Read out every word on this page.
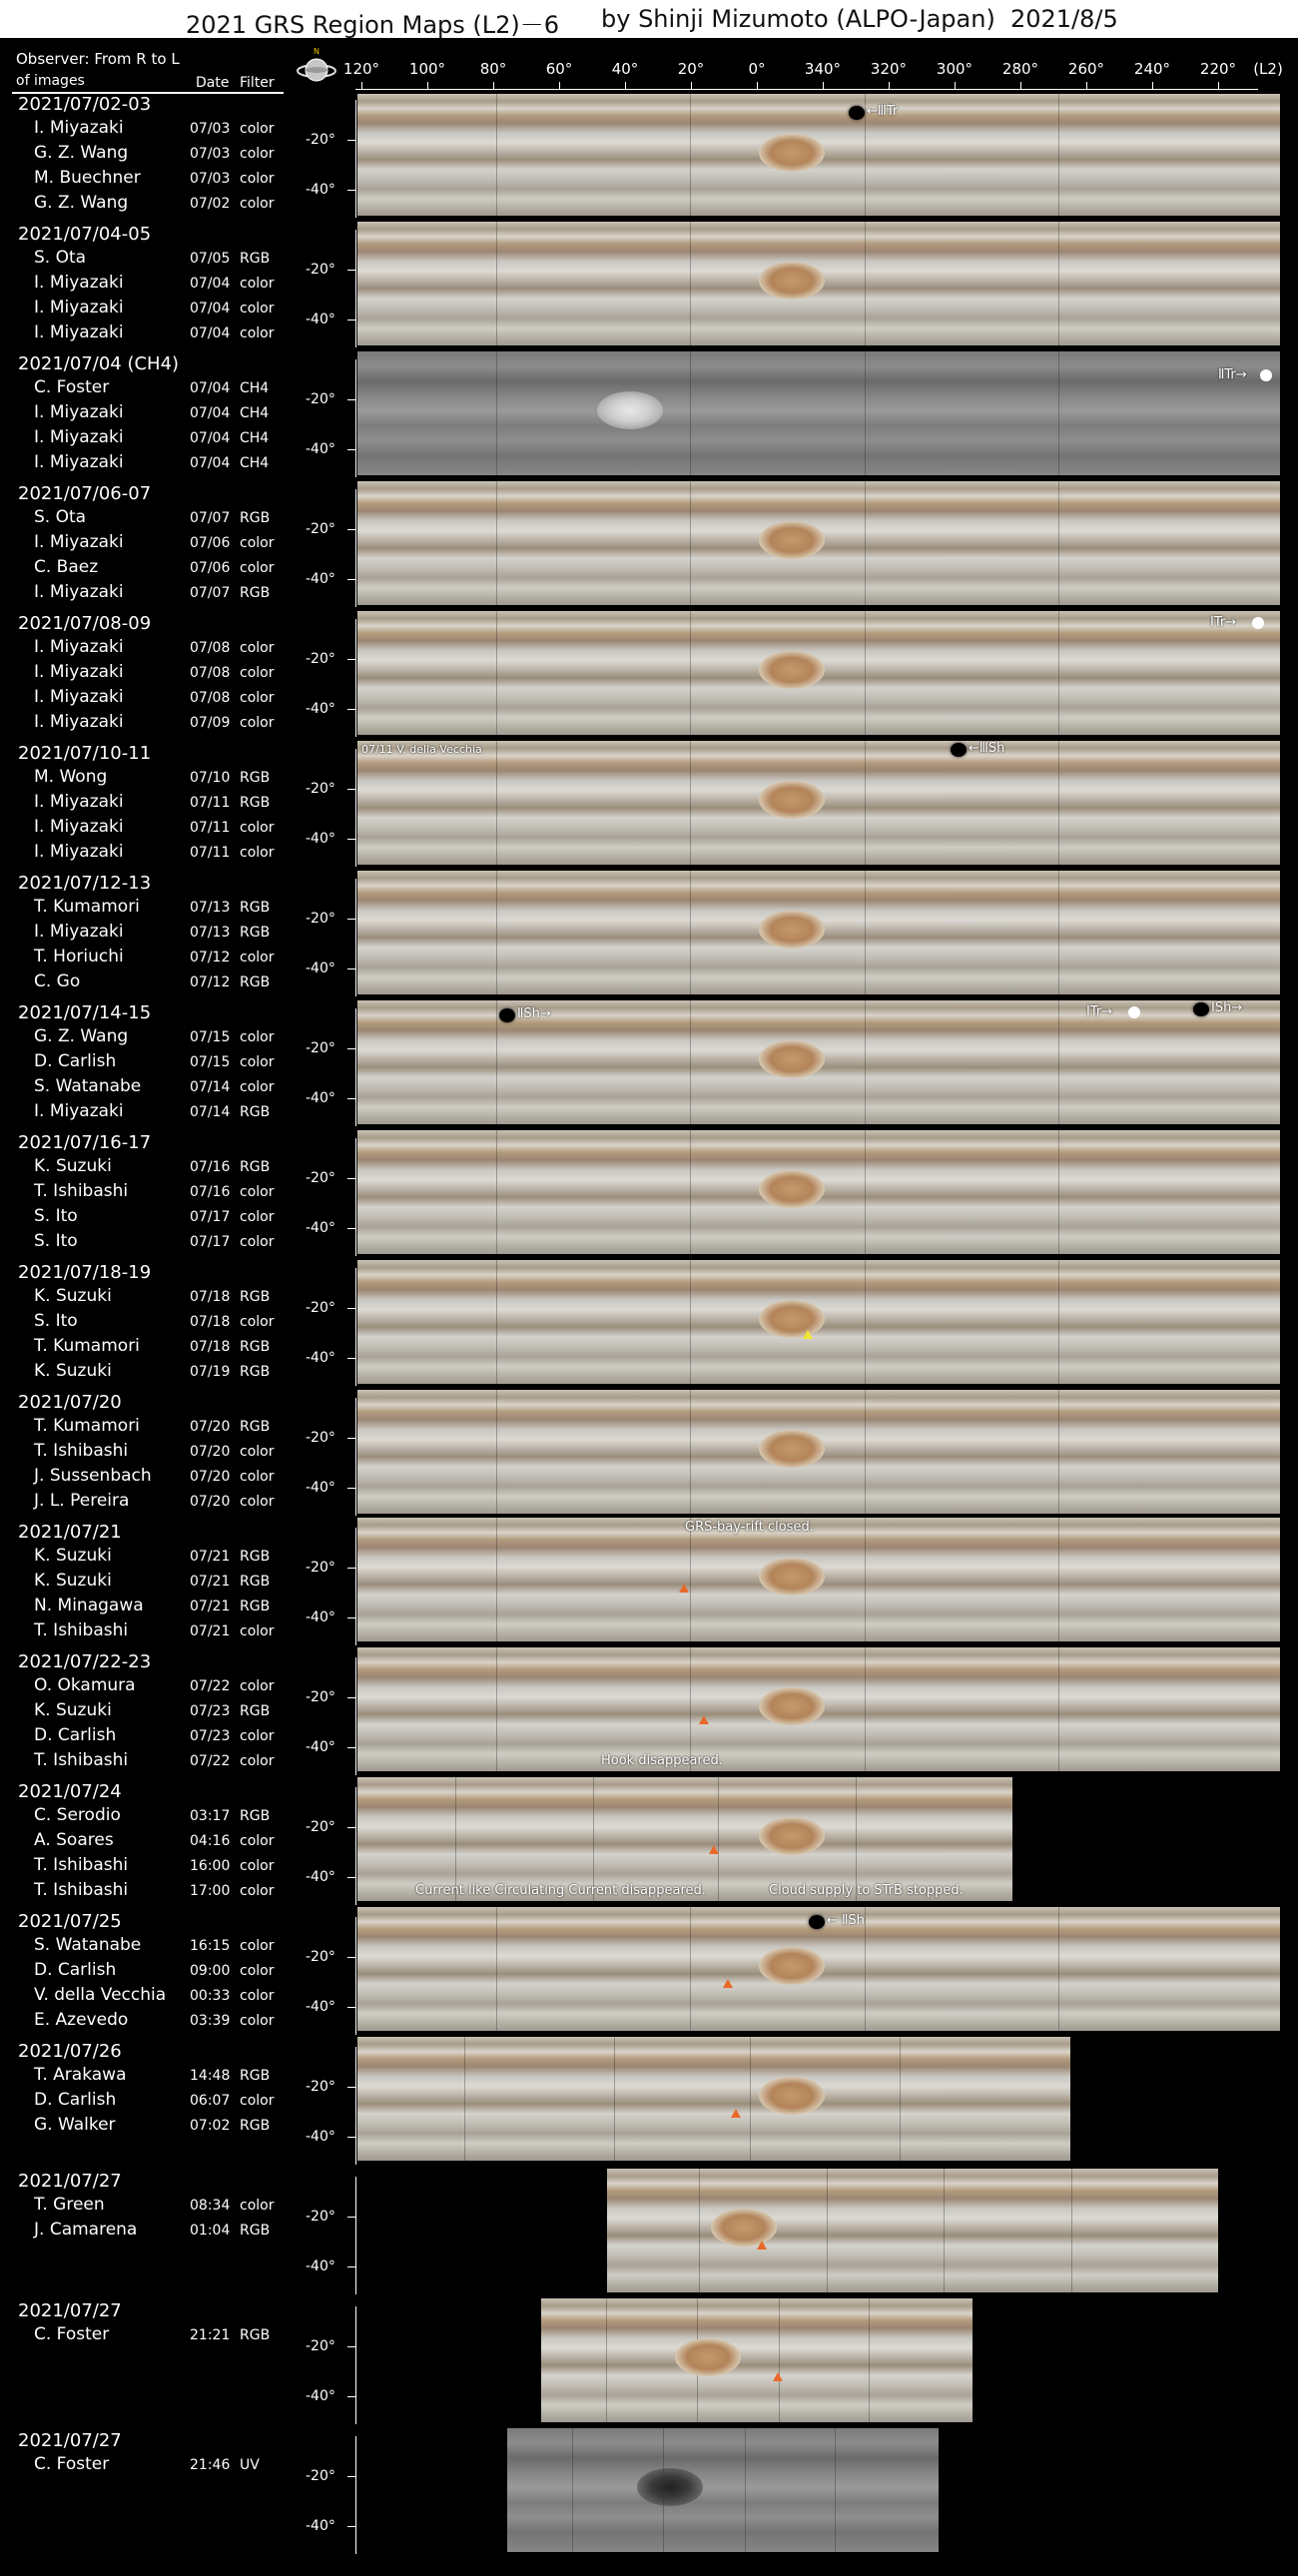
2021 GRS Region Maps (L2)－6 by Shinji Mizumoto (ALPO-Japan) 2021/8/5
Observer: From R to L
of images	Date Filter
N
120° 100° 80°	60°	40°	20°	0°	340° 320° 300° 280° 260° 240° 220° (L2)
2021/07/02-03
I. Miyazaki	07/03 color
G. Z. Wang	07/03 color
M. Buechner	07/03 color
G. Z. Wang	07/02 color
-20°
-40°
2021/07/04-05
S. Ota	07/05 RGB
I. Miyazaki	07/04 color
I. Miyazaki	07/04 color
I. Miyazaki	07/04 color
-20°
-40°
2021/07/04 (CH4)
C. Foster	07/04 CH4
I. Miyazaki	07/04 CH4
I. Miyazaki	07/04 CH4
I. Miyazaki	07/04 CH4
-20°
-40°
2021/07/06-07
S. Ota	07/07 RGB
I. Miyazaki	07/06 color
C. Baez	07/06 color
I. Miyazaki	07/07 RGB
-20°
-40°
2021/07/08-09
I. Miyazaki	07/08 color
I. Miyazaki	07/08 color
I. Miyazaki	07/08 color
I. Miyazaki	07/09 color
-20°
-40°
2021/07/10-11
M. Wong	07/10 RGB
I. Miyazaki	07/11 RGB
I. Miyazaki	07/11 color
I. Miyazaki	07/11 color
-20°
-40°
2021/07/12-13
T. Kumamori	07/13 RGB
I. Miyazaki	07/13 RGB
T. Horiuchi	07/12 color
C. Go	07/12 RGB
-20°
-40°
2021/07/14-15
G. Z. Wang	07/15 color
D. Carlish	07/15 color
S. Watanabe	07/14 color
I. Miyazaki	07/14 RGB
-20°
-40°
2021/07/16-17
K. Suzuki	07/16 RGB
T. Ishibashi	07/16 color
S. Ito	07/17 color
S. Ito	07/17 color
-20°
-40°
2021/07/18-19
K. Suzuki	07/18 RGB
S. Ito	07/18 color
T. Kumamori	07/18 RGB
K. Suzuki	07/19 RGB
-20°
-40°
2021/07/20
T. Kumamori	07/20 RGB
T. Ishibashi	07/20 color
J. Sussenbach	07/20 color
J. L. Pereira	07/20 color
-20°
-40°
2021/07/21
K. Suzuki	07/21 RGB
K. Suzuki	07/21 RGB
N. Minagawa	07/21 RGB
T. Ishibashi	07/21 color
-20°
-40°
2021/07/22-23
O. Okamura	07/22 color
K. Suzuki	07/23 RGB
D. Carlish	07/23 color
T. Ishibashi	07/22 color
-20°
-40°
2021/07/24
C. Serodio	03:17 RGB
A. Soares	04:16 color
T. Ishibashi	16:00 color
T. Ishibashi	17:00 color
-20°
-40°
2021/07/25
S. Watanabe	16:15 color
D. Carlish	09:00 color
V. della Vecchia 00:33 color
E. Azevedo	03:39 color
-20°
-40°
2021/07/26
T. Arakawa	14:48 RGB
D. Carlish	06:07 color
G. Walker	07:02 RGB
-20°
-40°
2021/07/27
T. Green	08:34 color
J. Camarena	01:04 RGB
-20°
-40°
2021/07/27
C. Foster	21:21 RGB
-20°
-40°
2021/07/27
C. Foster	21:46 UV
-20°
-40°
←ⅢTr
ⅡTr→
ⅠTr→
←ⅢSh
07/11 V. della Vecchia
ⅡSh→	ⅠTr→	ⅠSh→
GRS-bay-rift closed.
Hook disappeared.
Current like Circulating Current disappeared.	Cloud supply to STrB stopped.
← ⅡSh
